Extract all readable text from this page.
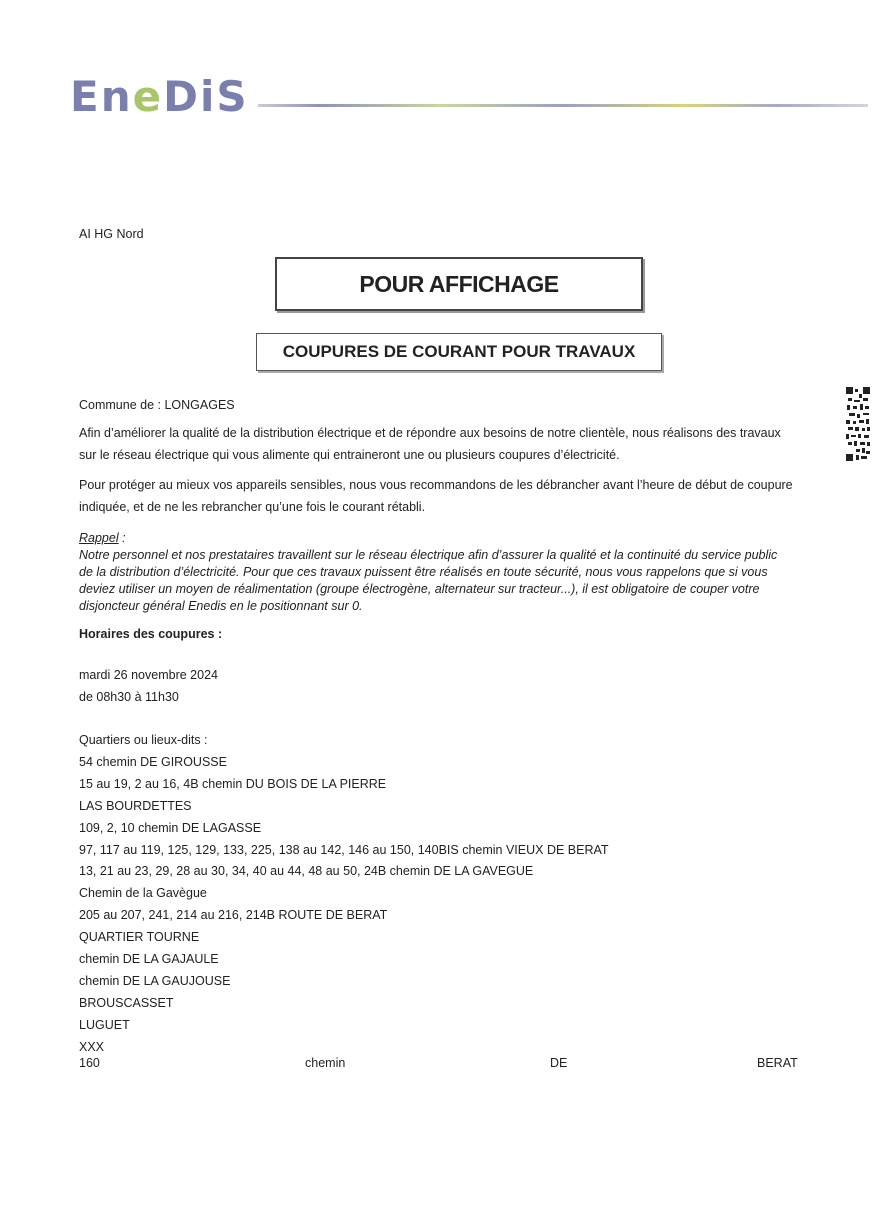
EneDiS
AI HG Nord
POUR AFFICHAGE
COUPURES DE COURANT POUR TRAVAUX
Commune de : LONGAGES
Afin d’améliorer la qualité de la distribution électrique et de répondre aux besoins de notre clientèle, nous réalisons des travaux
sur le réseau électrique qui vous alimente qui entraineront une ou plusieurs coupures d’électricité.
Pour protéger au mieux vos appareils sensibles, nous vous recommandons de les débrancher avant l’heure de début de coupure
indiquée, et de ne les rebrancher qu’une fois le courant rétabli.
Rappel :
Notre personnel et nos prestataires travaillent sur le réseau électrique afin d’assurer la qualité et la continuité du service public
de la distribution d’électricité. Pour que ces travaux puissent être réalisés en toute sécurité, nous vous rappelons que si vous
deviez utiliser un moyen de réalimentation (groupe électrogène, alternateur sur tracteur...), il est obligatoire de couper votre
disjoncteur général Enedis en le positionnant sur 0.
Horaires des coupures :
mardi 26 novembre 2024
de 08h30 à 11h30
Quartiers ou lieux-dits :
54 chemin DE GIROUSSE
15 au 19, 2 au 16, 4B chemin DU BOIS DE LA PIERRE
LAS BOURDETTES
109, 2, 10 chemin DE LAGASSE
97, 117 au 119, 125, 129, 133, 225, 138 au 142, 146 au 150, 140BIS chemin VIEUX DE BERAT
13, 21 au 23, 29, 28 au 30, 34, 40 au 44, 48 au 50, 24B chemin DE LA GAVEGUE
Chemin de la Gavègue
205 au 207, 241, 214 au 216, 214B ROUTE DE BERAT
QUARTIER TOURNE
chemin DE LA GAJAULE
chemin DE LA GAUJOUSE
BROUSCASSET
LUGUET
XXX
160	chemin	DE	BERAT
